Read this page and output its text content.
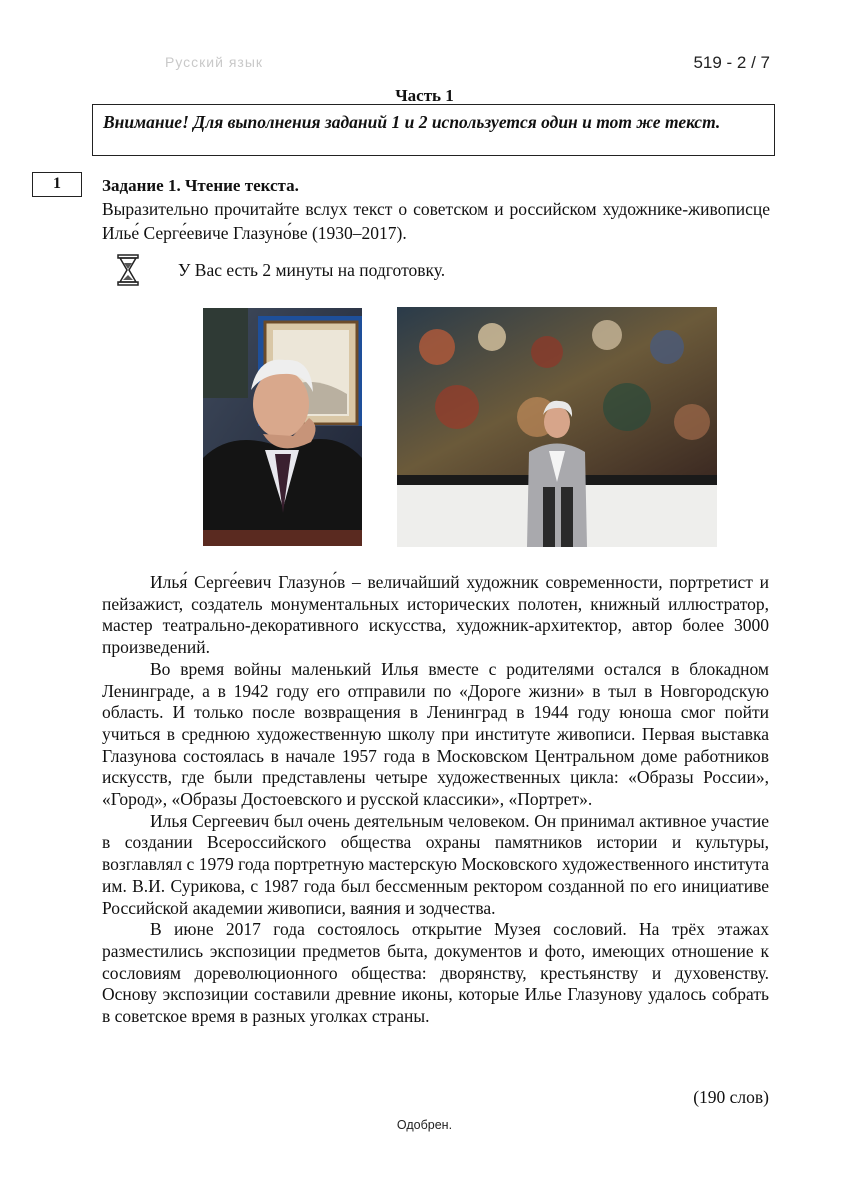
Русский язык	519 - 2 / 7
Часть 1
Внимание! Для выполнения заданий 1 и 2 используется один и тот же текст.
1	Задание 1. Чтение текста.
Выразительно прочитайте вслух текст о советском и российском художнике-живописце Илье́ Серге́евиче Глазуно́ве (1930–2017).
У Вас есть 2 минуты на подготовку.

Илья́ Серге́евич Глазуно́в – величайший художник современности, портретист и пейзажист, создатель монументальных исторических полотен, книжный иллюстратор, мастер театрально-декоративного искусства, художник-архитектор, автор более 3000 произведений.

Во время войны маленький Илья вместе с родителями остался в блокадном Ленинграде, а в 1942 году его отправили по «Дороге жизни» в тыл в Новгородскую область. И только после возвращения в Ленинград в 1944 году юноша смог пойти учиться в среднюю художественную школу при институте живописи. Первая выставка Глазунова состоялась в начале 1957 года в Московском Центральном доме работников искусств, где были представлены четыре художественных цикла: «Образы России», «Город», «Образы Достоевского и русской классики», «Портрет».

Илья Сергеевич был очень деятельным человеком. Он принимал активное участие в создании Всероссийского общества охраны памятников истории и культуры, возглавлял с 1979 года портретную мастерскую Московского художественного института им. В.И. Сурикова, с 1987 года был бессменным ректором созданной по его инициативе Российской академии живописи, ваяния и зодчества.

В июне 2017 года состоялось открытие Музея сословий. На трёх этажах разместились экспозиции предметов быта, документов и фото, имеющих отношение к сословиям дореволюционного общества: дворянству, крестьянству и духовенству. Основу экспозиции составили древние иконы, которые Илье Глазунову удалось собрать в советское время в разных уголках страны.

(190 слов)
Одобрен.
